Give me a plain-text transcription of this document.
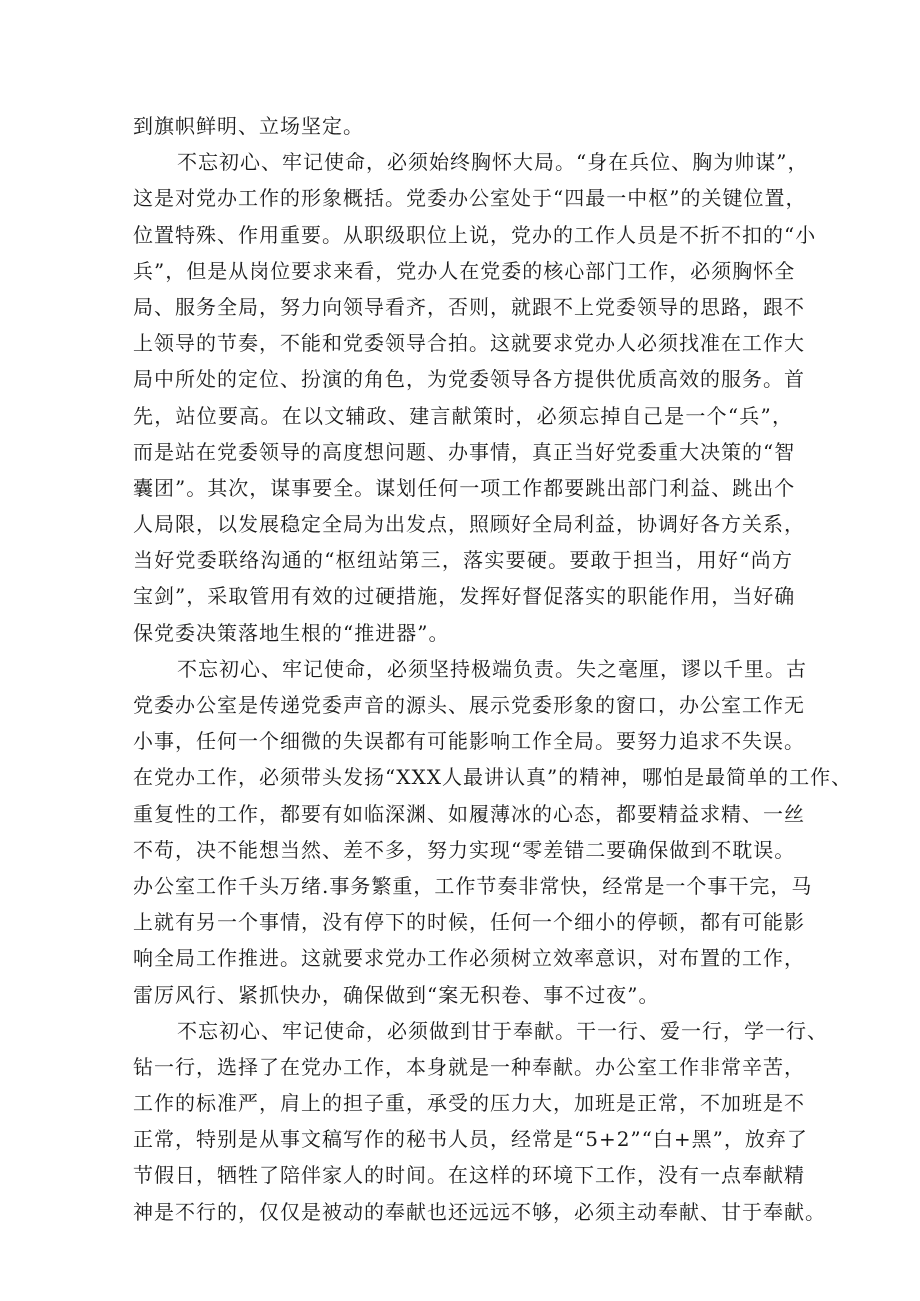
到旗帜鲜明、立场坚定。
不忘初心、牢记使命，必须始终胸怀大局。“身在兵位、胸为帅谋”，
这是对党办工作的形象概括。党委办公室处于“四最一中枢”的关键位置，
位置特殊、作用重要。从职级职位上说，党办的工作人员是不折不扣的“小
兵”，但是从岗位要求来看，党办人在党委的核心部门工作，必须胸怀全
局、服务全局，努力向领导看齐，否则，就跟不上党委领导的思路，跟不
上领导的节奏，不能和党委领导合拍。这就要求党办人必须找准在工作大
局中所处的定位、扮演的角色，为党委领导各方提供优质高效的服务。首
先，站位要高。在以文辅政、建言献策时，必须忘掉自己是一个“兵”，
而是站在党委领导的高度想问题、办事情，真正当好党委重大决策的“智
囊团”。其次，谋事要全。谋划任何一项工作都要跳出部门利益、跳出个
人局限，以发展稳定全局为出发点，照顾好全局利益，协调好各方关系，
当好党委联络沟通的“枢纽站第三，落实要硬。要敢于担当，用好“尚方
宝剑”，采取管用有效的过硬措施，发挥好督促落实的职能作用，当好确
保党委决策落地生根的“推进器”。
不忘初心、牢记使命，必须坚持极端负责。失之毫厘，谬以千里。古
党委办公室是传递党委声音的源头、展示党委形象的窗口，办公室工作无
小事，任何一个细微的失误都有可能影响工作全局。要努力追求不失误。
在党办工作，必须带头发扬“XXX人最讲认真”的精神，哪怕是最简单的工作、
重复性的工作，都要有如临深渊、如履薄冰的心态，都要精益求精、一丝
不苟，决不能想当然、差不多，努力实现“零差错二要确保做到不耽误。
办公室工作千头万绪.事务繁重，工作节奏非常快，经常是一个事干完，马
上就有另一个事情，没有停下的时候，任何一个细小的停顿，都有可能影
响全局工作推进。这就要求党办工作必须树立效率意识，对布置的工作，
雷厉风行、紧抓快办，确保做到“案无积卷、事不过夜”。
不忘初心、牢记使命，必须做到甘于奉献。干一行、爱一行，学一行、
钻一行，选择了在党办工作，本身就是一种奉献。办公室工作非常辛苦，
工作的标准严，肩上的担子重，承受的压力大，加班是正常，不加班是不
正常，特别是从事文稿写作的秘书人员，经常是“5+2”“白+黑”，放弃了
节假日，牺牲了陪伴家人的时间。在这样的环境下工作，没有一点奉献精
神是不行的，仅仅是被动的奉献也还远远不够，必须主动奉献、甘于奉献。
